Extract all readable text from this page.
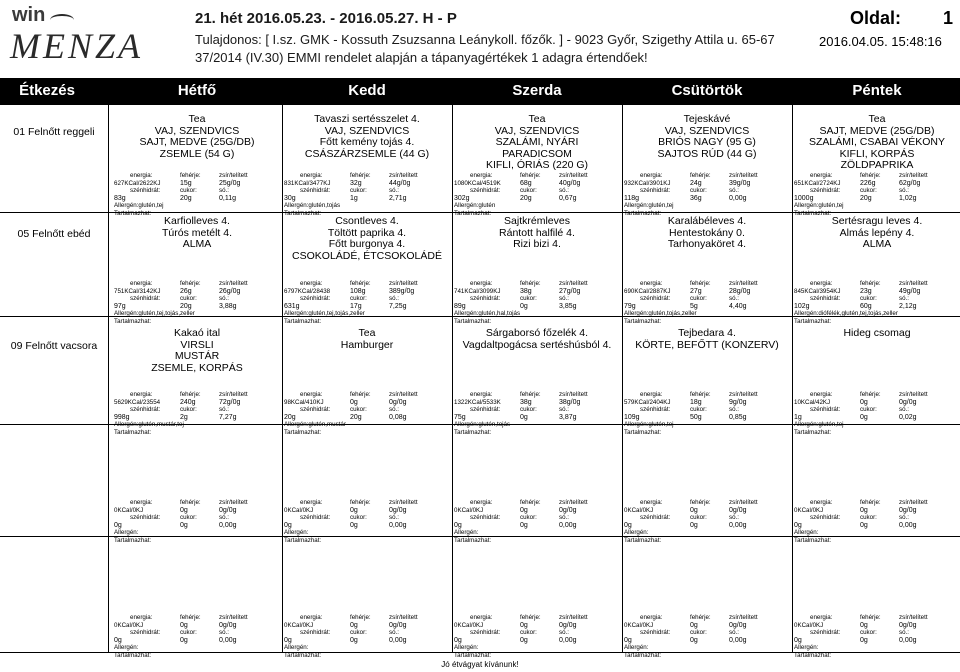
win
MENZA
21. hét 2016.05.23. - 2016.05.27. H - P
Tulajdonos: [ I.sz. GMK - Kossuth Zsuzsanna Leánykoll. főzők. ] - 9023 Győr, Szigethy Attila u. 65-67
37/2014 (IV.30) EMMI rendelet alapján a tápanyagértékek 1 adagra értendőek!
Oldal: 1
2016.04.05. 15:48:16
Étkezés	Hétfő	Kedd	Szerda	Csütörtök	Péntek
01 Felnőtt reggeli
Tea
VAJ, SZENDVICS
SAJT, MEDVE (25G/DB)
ZSEMLE (54 G)
energia:	fehérje:	zsír/telített
627KCal/2622KJ	15g	25g/0g
szénhidrát:	cukor:	só.:
83g	20g	0,11g
Allergén:glutén,tej
Tartalmazhat:
Tavaszi sertésszelet 4.
VAJ, SZENDVICS
Főtt kemény tojás 4.
CSÁSZÁRZSEMLE (44 G)
energia:	fehérje:	zsír/telített
831KCal/3477KJ	32g	44g/0g
szénhidrát:	cukor:	só.:
30g	1g	2,71g
Allergén:glutén,tojás
Tartalmazhat:
Tea
VAJ, SZENDVICS
SZALÁMI, NYÁRI
PARADICSOM
KIFLI, ÓRIÁS (220 G)
energia:	fehérje:	zsír/telített
1080KCal/4519K	68g	40g/0g
szénhidrát:	cukor:	só.:
302g	20g	0,67g
Allergén:glutén
Tartalmazhat:
Tejeskávé
VAJ, SZENDVICS
BRIÓS NAGY (95 G)
SAJTOS RÚD (44 G)
energia:	fehérje:	zsír/telített
932KCal/3901KJ	24g	39g/0g
szénhidrát:	cukor:	só.:
118g	36g	0,00g
Allergén:glutén,tej
Tartalmazhat:
Tea
SAJT, MEDVE (25G/DB)
SZALÁMI, CSABAI VÉKONY
KIFLI, KORPÁS
ZÖLDPAPRIKA
energia:	fehérje:	zsír/telített
651KCal/2724KJ	226g	62g/0g
szénhidrát:	cukor:	só.:
1000g	20g	1,02g
Allergén:glutén,tej
Tartalmazhat:
05 Felnőtt ebéd
Karfiolleves 4.
Túrós metélt 4.
ALMA
energia:	fehérje:	zsír/telített
751KCal/3142KJ	26g	26g/0g
szénhidrát:	cukor:	só.:
97g	20g	3,88g
Allergén:glutén,tej,tojás,zeller
Tartalmazhat:
Csontleves 4.
Töltött paprika 4.
Főtt burgonya 4.
CSOKOLÁDÉ, ÉTCSOKOLÁDÉ
energia:	fehérje:	zsír/telített
6797KCal/28438	108g	389g/0g
szénhidrát:	cukor:	só.:
631g	17g	7,25g
Allergén:glutén,tej,tojás,zeller
Tartalmazhat:
Sajtkrémleves
Rántott halfilé 4.
Rizi bizi 4.
energia:	fehérje:	zsír/telített
741KCal/3099KJ	38g	27g/0g
szénhidrát:	cukor:	só.:
89g	0g	3,85g
Allergén:glutén,hal,tojás
Tartalmazhat:
Karalábéleves 4.
Hentestokány 0.
Tarhonyaköret 4.
energia:	fehérje:	zsír/telített
690KCal/2887KJ	27g	28g/0g
szénhidrát:	cukor:	só.:
79g	5g	4,40g
Allergén:glutén,tojás,zeller
Tartalmazhat:
Sertésragu leves 4.
Almás lepény 4.
ALMA
energia:	fehérje:	zsír/telített
845KCal/3954KJ	23g	49g/0g
szénhidrát:	cukor:	só.:
102g	60g	2,12g
Allergén:diófélék,glutén,tej,tojás,zeller
Tartalmazhat:
09 Felnőtt vacsora
Kakaó ital
VIRSLI
MUSTÁR
ZSEMLE, KORPÁS
energia:	fehérje:	zsír/telített
5629KCal/23554	240g	72g/0g
szénhidrát:	cukor:	só.:
998g	2g	7,27g
Allergén:glutén,mustár,tej
Tartalmazhat:
Tea
Hamburger
energia:	fehérje:	zsír/telített
98KCal/410KJ	0g	0g/0g
szénhidrát:	cukor:	só.:
20g	20g	0,08g
Allergén:glutén,mustár
Tartalmazhat:
Sárgaborsó főzelék 4.
Vagdaltpogácsa sertéshúsból 4.
energia:	fehérje:	zsír/telített
1322KCal/5533K	38g	38g/0g
szénhidrát:	cukor:	só.:
75g	0g	3,87g
Allergén:glutén,tojás
Tartalmazhat:
Tejbedara 4.
KÖRTE, BEFŐTT (KONZERV)
energia:	fehérje:	zsír/telített
579KCal/2404KJ	18g	9g/0g
szénhidrát:	cukor:	só.:
109g	50g	0,85g
Allergén:glutén,tej
Tartalmazhat:
Hideg csomag
energia:	fehérje:	zsír/telített
10KCal/42KJ	0g	0g/0g
szénhidrát:	cukor:	só.:
1g	0g	0,02g
Allergén:glutén,tej
Tartalmazhat:
energia:	fehérje:	zsír/telített
0KCal/0KJ	0g	0g/0g
szénhidrát:	cukor:	só.:
0g	0g	0,00g
Allergén:
Tartalmazhat:
energia:	fehérje:	zsír/telített
0KCal/0KJ	0g	0g/0g
szénhidrát:	cukor:	só.:
0g	0g	0,00g
Allergén:
Tartalmazhat:
energia:	fehérje:	zsír/telített
0KCal/0KJ	0g	0g/0g
szénhidrát:	cukor:	só.:
0g	0g	0,00g
Allergén:
Tartalmazhat:
energia:	fehérje:	zsír/telített
0KCal/0KJ	0g	0g/0g
szénhidrát:	cukor:	só.:
0g	0g	0,00g
Allergén:
Tartalmazhat:
energia:	fehérje:	zsír/telített
0KCal/0KJ	0g	0g/0g
szénhidrát:	cukor:	só.:
0g	0g	0,00g
Allergén:
Tartalmazhat:
energia:	fehérje:	zsír/telített
0KCal/0KJ	0g	0g/0g
szénhidrát:	cukor:	só.:
0g	0g	0,00g
Allergén:
Tartalmazhat:
energia:	fehérje:	zsír/telített
0KCal/0KJ	0g	0g/0g
szénhidrát:	cukor:	só.:
0g	0g	0,00g
Allergén:
Tartalmazhat:
energia:	fehérje:	zsír/telített
0KCal/0KJ	0g	0g/0g
szénhidrát:	cukor:	só.:
0g	0g	0,00g
Allergén:
Tartalmazhat:
energia:	fehérje:	zsír/telített
0KCal/0KJ	0g	0g/0g
szénhidrát:	cukor:	só.:
0g	0g	0,00g
Allergén:
Tartalmazhat:
energia:	fehérje:	zsír/telített
0KCal/0KJ	0g	0g/0g
szénhidrát:	cukor:	só.:
0g	0g	0,00g
Allergén:
Tartalmazhat:
Jó étvágyat kívánunk!
